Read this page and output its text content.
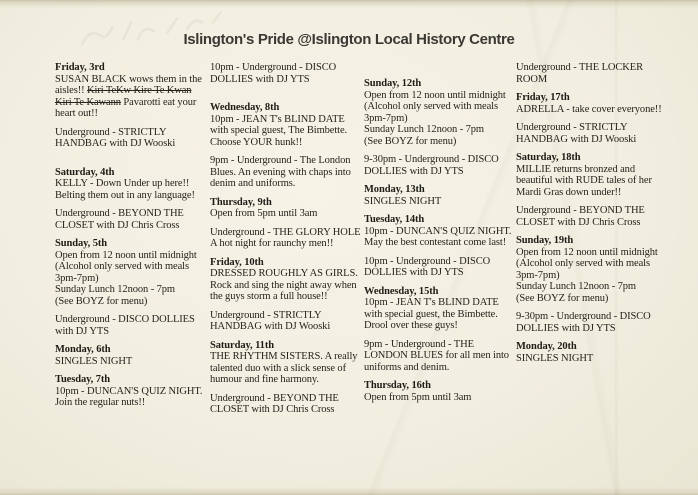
Islington's Pride @Islington Local History Centre
Friday, 3rd
SUSAN BLACK wows them in the
aisles!! Kiri TeKw Kire Te Kwan
Kiri Te Kawann Pavarotti eat your
heart out!!
Underground - STRICTLY
HANDBAG with DJ Wooski
Saturday, 4th
KELLY - Down Under up here!!
Belting them out in any language!
Underground - BEYOND THE
CLOSET with DJ Chris Cross
Sunday, 5th
Open from 12 noon until midnight
(Alcohol only served with meals
3pm-7pm)
Sunday Lunch 12noon - 7pm
(See BOYZ for menu)
Underground - DISCO DOLLIES
with DJ YTS
Monday, 6th
SINGLES NIGHT
Tuesday, 7th
10pm - DUNCAN'S QUIZ NIGHT.
Join the regular nuts!!
10pm - Underground - DISCO
DOLLIES with DJ YTS
Wednesday, 8th
10pm - JEAN T's BLIND DATE
with special guest, The Bimbette.
Choose YOUR hunk!!
9pm - Underground - The London
Blues. An evening with chaps into
denim and uniforms.
Thursday, 9th
Open from 5pm until 3am
Underground - THE GLORY HOLE
A hot night for raunchy men!!
Friday, 10th
DRESSED ROUGHLY AS GIRLS.
Rock and sing the night away when
the guys storm a full house!!
Underground - STRICTLY
HANDBAG with DJ Wooski
Saturday, 11th
THE RHYTHM SISTERS. A really
talented duo with a slick sense of
humour and fine harmony.
Underground - BEYOND THE
CLOSET with DJ Chris Cross
Sunday, 12th
Open from 12 noon until midnight
(Alcohol only served with meals
3pm-7pm)
Sunday Lunch 12noon - 7pm
(See BOYZ for menu)
9-30pm - Underground - DISCO
DOLLIES with DJ YTS
Monday, 13th
SINGLES NIGHT
Tuesday, 14th
10pm - DUNCAN'S QUIZ NIGHT.
May the best contestant come last!
10pm - Underground - DISCO
DOLLIES with DJ YTS
Wednesday, 15th
10pm - JEAN T's BLIND DATE
with special guest, the Bimbette.
Drool over these guys!
9pm - Underground - THE
LONDON BLUES for all men into
uniforms and denim.
Thursday, 16th
Open from 5pm until 3am
Underground - THE LOCKER
ROOM
Friday, 17th
ADRELLA - take cover everyone!!
Underground - STRICTLY
HANDBAG with DJ Wooski
Saturday, 18th
MILLIE returns bronzed and
beautiful with RUDE tales of her
Mardi Gras down under!!
Underground - BEYOND THE
CLOSET with DJ Chris Cross
Sunday, 19th
Open from 12 noon until midnight
(Alcohol only served with meals
3pm-7pm)
Sunday Lunch 12noon - 7pm
(See BOYZ for menu)
9-30pm - Underground - DISCO
DOLLIES with DJ YTS
Monday, 20th
SINGLES NIGHT
